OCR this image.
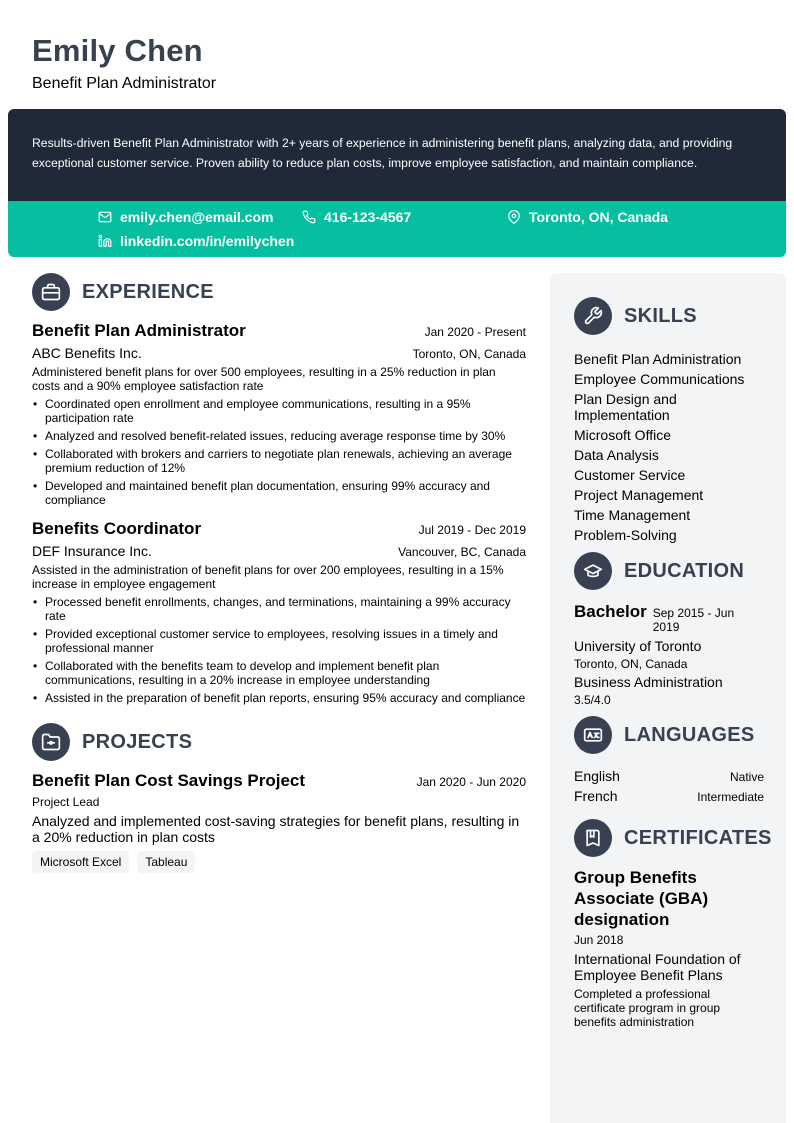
Emily Chen
Benefit Plan Administrator
Results-driven Benefit Plan Administrator with 2+ years of experience in administering benefit plans, analyzing data, and providing exceptional customer service. Proven ability to reduce plan costs, improve employee satisfaction, and maintain compliance.
emily.chen@email.com	416-123-4567	Toronto, ON, Canada
linkedin.com/in/emilychen
EXPERIENCE
Benefit Plan Administrator	Jan 2020 - Present
ABC Benefits Inc.	Toronto, ON, Canada
Administered benefit plans for over 500 employees, resulting in a 25% reduction in plan costs and a 90% employee satisfaction rate
• Coordinated open enrollment and employee communications, resulting in a 95% participation rate
• Analyzed and resolved benefit-related issues, reducing average response time by 30%
• Collaborated with brokers and carriers to negotiate plan renewals, achieving an average premium reduction of 12%
• Developed and maintained benefit plan documentation, ensuring 99% accuracy and compliance
Benefits Coordinator	Jul 2019 - Dec 2019
DEF Insurance Inc.	Vancouver, BC, Canada
Assisted in the administration of benefit plans for over 200 employees, resulting in a 15% increase in employee engagement
• Processed benefit enrollments, changes, and terminations, maintaining a 99% accuracy rate
• Provided exceptional customer service to employees, resolving issues in a timely and professional manner
• Collaborated with the benefits team to develop and implement benefit plan communications, resulting in a 20% increase in employee understanding
• Assisted in the preparation of benefit plan reports, ensuring 95% accuracy and compliance
PROJECTS
Benefit Plan Cost Savings Project	Jan 2020 - Jun 2020
Project Lead
Analyzed and implemented cost-saving strategies for benefit plans, resulting in a 20% reduction in plan costs
Microsoft Excel	Tableau
SKILLS
Benefit Plan Administration
Employee Communications
Plan Design and Implementation
Microsoft Office
Data Analysis
Customer Service
Project Management
Time Management
Problem-Solving
EDUCATION
Bachelor Sep 2015 - Jun 2019
University of Toronto
Toronto, ON, Canada
Business Administration
3.5/4.0
LANGUAGES
English	Native
French	Intermediate
CERTIFICATES
Group Benefits Associate (GBA) designation
Jun 2018
International Foundation of Employee Benefit Plans
Completed a professional certificate program in group benefits administration
